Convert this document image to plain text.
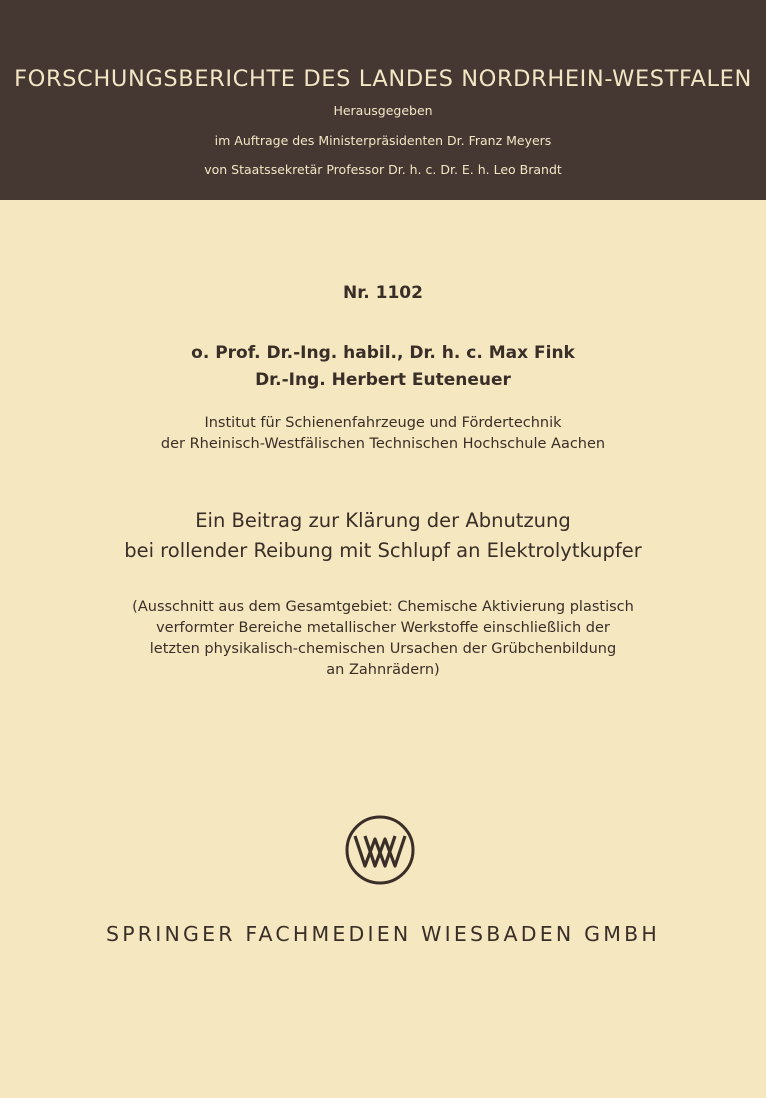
FORSCHUNGSBERICHTE DES LANDES NORDRHEIN-WESTFALEN
Herausgegeben
im Auftrage des Ministerpräsidenten Dr. Franz Meyers
von Staatssekretär Professor Dr. h. c. Dr. E. h. Leo Brandt
Nr. 1102
o. Prof. Dr.-Ing. habil., Dr. h. c. Max Fink
Dr.-Ing. Herbert Euteneuer
Institut für Schienenfahrzeuge und Fördertechnik
der Rheinisch-Westfälischen Technischen Hochschule Aachen
Ein Beitrag zur Klärung der Abnutzung
bei rollender Reibung mit Schlupf an Elektrolytkupfer
(Ausschnitt aus dem Gesamtgebiet: Chemische Aktivierung plastisch
verformter Bereiche metallischer Werkstoffe einschließlich der
letzten physikalisch-chemischen Ursachen der Grübchenbildung
an Zahnrädern)
SPRINGER FACHMEDIEN WIESBADEN GMBH
